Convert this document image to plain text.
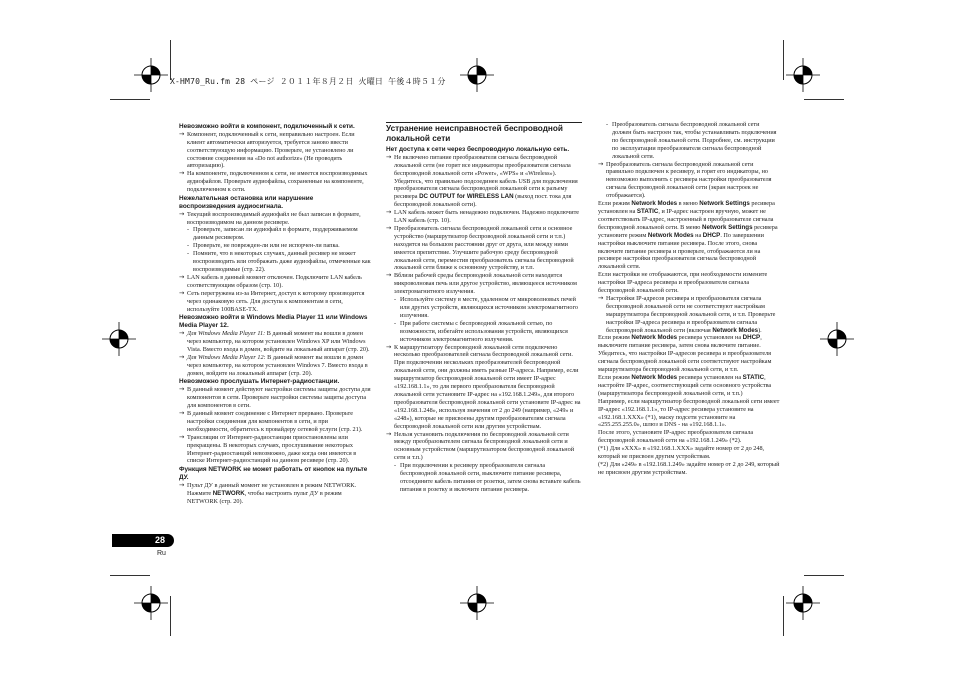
X-HM70_Ru.fm 28 ページ ２０１１年８月２日 火曜日 午後４時５１分

Невозможно войти в компонент, подключенный к сети.

→ Компонент, подключенный к сети, неправильно настроен. Если клиент автоматически авторизуется, требуется заново ввести соответствующую информацию. Проверьте, не установлено ли состояние соединения на «Do not authorize» (Не проводить авторизацию).

→ На компоненте, подключенном к сети, не имеется воспроизводимых аудиофайлов. Проверьте аудиофайлы, сохраненные на компоненте, подключенном к сети.

Нежелательная остановка или нарушение воспроизведения аудиосигнала.

→ Текущий воспроизводимый аудиофайл не был записан в формате, воспроизводимом на данном ресивере.

- Проверьте, записан ли аудиофайл в формате, поддерживаемом данным ресивером.

- Проверьте, не поврежден-ли или не испорчен-ли папка.

- Помните, что в некоторых случаях, данный ресивер не может воспроизводить или отображать даже аудиофайлы, отмеченные как воспроизводимые (стр. 22).

→ LAN кабель в данный момент отключен. Подключите LAN кабель соответствующим образом (стр. 10).

→ Сеть перегружена из-за Интернет, доступ к которому производится через одинаковую сеть. Для доступа к компонентам в сети, используйте 100BASE-TX.

Невозможно войти в Windows Media Player 11 или Windows Media Player 12.

→ Для Windows Media Player 11: В данный момент вы вошли в домен через компьютер, на котором установлен Windows XP или Windows Vista. Вместо входа в домен, войдите на локальный аппарат (стр. 20).

→ Для Windows Media Player 12: В данный момент вы вошли в домен через компьютер, на котором установлен Windows 7. Вместо входа в домен, войдите на локальный аппарат (стр. 20).

Невозможно прослушать Интернет-радиостанции.

→ В данный момент действуют настройки системы защиты доступа для компонентов в сети. Проверьте настройки системы защиты доступа для компонентов в сети.

→ В данный момент соединение с Интернет прервано. Проверьте настройки соединения для компонентов в сети, и при необходимости, обратитесь к провайдеру сетевой услуги (стр. 21).

→ Трансляции от Интернет-радиостанции приостановлены или прекращены. В некоторых случаях, прослушивание некоторых Интернет-радиостанций невозможно, даже когда они имеются в списке Интернет-радиостанций на данном ресивере (стр. 20).

Функция NETWORK не может работать от кнопок на пульте ДУ.

→ Пульт ДУ в данный момент не установлен в режим NETWORK. Нажмите NETWORK, чтобы настроить пульт ДУ в режим NETWORK (стр. 20).

Устранение неисправностей беспроводной локальной сети

Нет доступа к сети через беспроводную локальную сеть.

→ Не включено питание преобразователя сигнала беспроводной локальной сети (не горит все индикаторы преобразователя сигнала беспроводной локальной сети «Power», «WPS» и «Wireless»). Убедитесь, что правильно подсоединен кабель USB для подключения преобразователя сигнала беспроводной локальной сети к разъему ресивера DC OUTPUT for WIRELESS LAN (выход пост. тока для беспроводной локальной сети).

→ LAN кабель может быть ненадежно подключен. Надежно подключите LAN кабель (стр. 10).

→ Преобразователь сигнала беспроводной локальной сети и основное устройство (маршрутизатор беспроводной локальной сети и т.п.) находятся на большом расстоянии друг от друга, или между ними имеется препятствие. Улучшите рабочую среду беспроводной локальной сети, переместив преобразователь сигнала беспроводной локальной сети ближе к основному устройству, и т.п.

→ Вблизи рабочей среды беспроводной локальной сети находится микроволновая печь или другое устройство, являющееся источником электромагнитного излучения.

- Используйте систему в месте, удаленном от микроволновых печей или других устройств, являющихся источником электромагнитного излучения.

- При работе системы с беспроводной локальной сетью, по возможности, избегайте использования устройств, являющихся источником электромагнитного излучения.

→ К маршрутизатору беспроводной локальной сети подключено несколько преобразователей сигнала беспроводной локальной сети. При подключении нескольких преобразователей беспроводной локальной сети, они должны иметь разные IP-адреса. Например, если маршрутизатор беспроводной локальной сети имеет IP-адрес «192.168.1.1», то для первого преобразователя беспроводной локальной сети установите IP-адрес на «192.168.1.249», для второго преобразователя беспроводной локальной сети установите IP-адрес на «192.168.1.248», используя значения от 2 до 249 (например, «249» и «248»), которые не присвоены другим преобразователям сигнала беспроводной локальной сети или другим устройствам.

→ Нельзя установить подключения по беспроводной локальной сети между преобразователем сигнала беспроводной локальной сети и основным устройством (маршрутизатором беспроводной локальной сети и т.п.)

- При подключении к ресиверу преобразователя сигнала беспроводной локальной сети, выключите питание ресивера, отсоедините кабель питания от розетки, затем снова вставьте кабель питания в розетку и включите питание ресивера.

- Преобразователь сигнала беспроводной локальной сети должен быть настроен так, чтобы устанавливать подключения по беспроводной локальной сети. Подробнее, см. инструкции по эксплуатации преобразователя сигнала беспроводной локальной сети.

→ Преобразователь сигнала беспроводной локальной сети правильно подключен к ресиверу, и горят его индикаторы, но невозможно выполнить с ресивера настройки преобразователя сигнала беспроводной локальной сети (экран настроек не отображается).

Если режим Network Modes в меню Network Settings ресивера установлен на STATIC, и IP-адрес настроен вручную, может не соответствовать IP-адрес, настроенный в преобразователе сигнала беспроводной локальной сети. В меню Network Settings ресивера установите режим Network Modes на DHCP. По завершении настройки выключите питание ресивера. После этого, снова включите питание ресивера и проверьте, отображаются ли на ресивере настройки преобразователя сигнала беспроводной локальной сети.

Если настройки не отображаются, при необходимости измените настройки IP-адреса ресивера и преобразователя сигнала беспроводной локальной сети.

→ Настройки IP-адресов ресивера и преобразователя сигнала беспроводной локальной сети не соответствуют настройкам маршрутизатора беспроводной локальной сети, и т.п. Проверьте настройки IP-адреса ресивера и преобразователя сигнала беспроводной локальной сети (включая Network Modes).

Если режим Network Modes ресивера установлен на DHCP, выключите питание ресивера, затем снова включите питание.

Убедитесь, что настройки IP-адресов ресивера и преобразователя сигнала беспроводной локальной сети соответствуют настройкам маршрутизатора беспроводной локальной сети, и т.п.

Если режим Network Modes ресивера установлен на STATIC, настройте IP-адрес, соответствующий сети основного устройства (маршрутизатора беспроводной локальной сети, и т.п.)

Например, если маршрутизатор беспроводной локальной сети имеет IP-адрес «192.168.1.1», то IP-адрес ресивера установите на «192.168.1.XXX» (*1), маску подсети установите на «255.255.255.0», шлюз и DNS - на «192.168.1.1».

После этого, установите IP-адрес преобразователя сигнала беспроводной локальной сети на «192.168.1.249» (*2).

(*1) Для «XXX» в «192.168.1.XXX» задайте номер от 2 до 248, который не присвоен другим устройствам.

(*2) Для «249» в «192.168.1.249» задайте номер от 2 до 249, который не присвоен другим устройствам.

28
Ru
